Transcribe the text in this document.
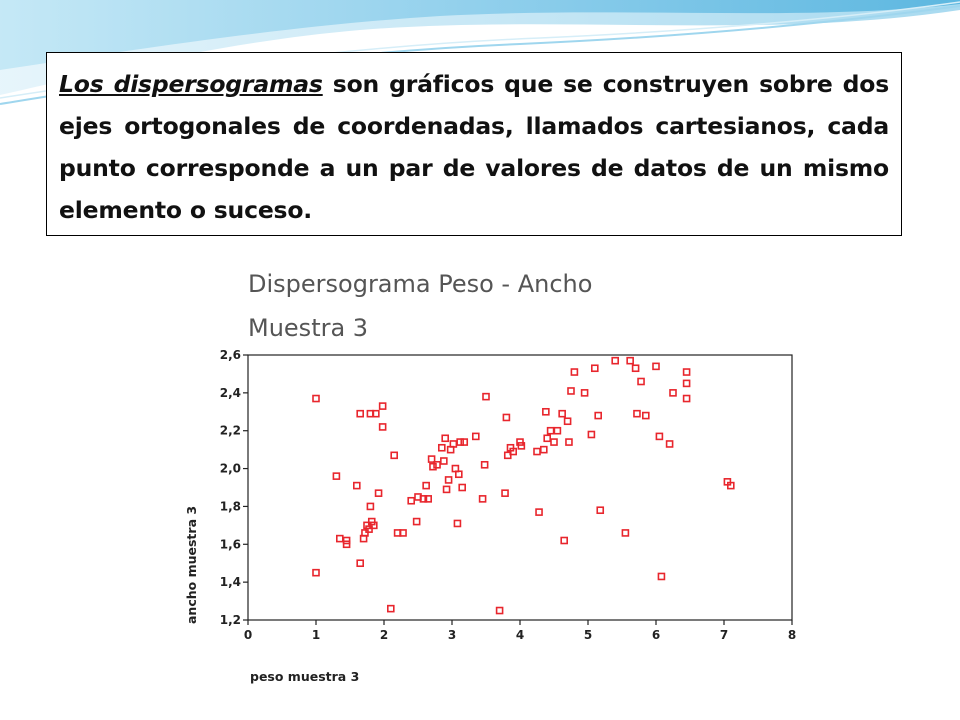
Los dispersogramas son gráficos que se construyen sobre dos ejes ortogonales de coordenadas, llamados cartesianos, cada punto corresponde a un par de valores de datos de un mismo elemento o suceso.

Dispersograma Peso - Ancho
Muestra 3
0	1	2	3	4	5	6	7	8
1,2
1,4
1,6
1,8
2,0
2,2
2,4
2,6
peso muestra 3
ancho muestra 3
